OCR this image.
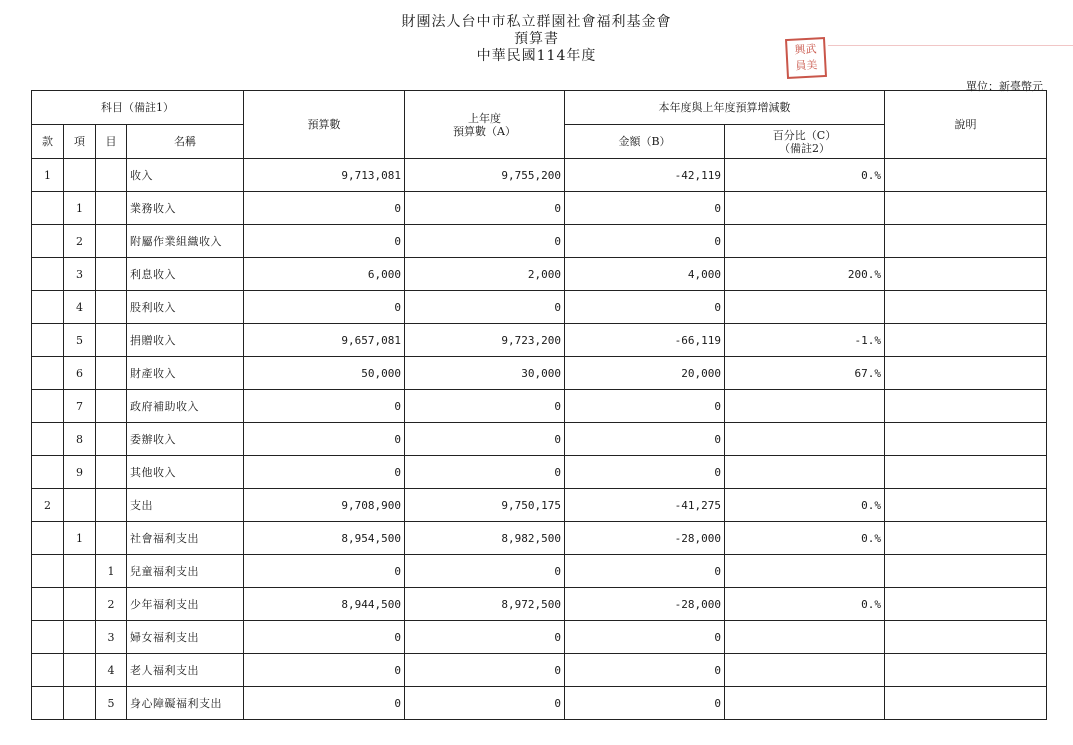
財團法人台中市私立群園社會福利基金會
預算書
中華民國114年度	興 武
員 美
單位：新臺幣元
科目（備註1）				預算數	上年度
預算數（A）	本年度與上年度預算增減數		說明
款	項	目	名稱			金額（B）	百分比（C）
（備註2）	

1			收入	9,713,081	9,755,200	-42,119	0.%	
	1		業務收入	0	0	0		
	2		附屬作業組織收入	0	0	0		
	3		利息收入	6,000	2,000	4,000	200.%	
	4		股利收入	0	0	0		
	5		捐贈收入	9,657,081	9,723,200	-66,119	-1.%	
	6		財產收入	50,000	30,000	20,000	67.%	
	7		政府補助收入	0	0	0		
	8		委辦收入	0	0	0		
	9		其他收入	0	0	0		
2			支出	9,708,900	9,750,175	-41,275	0.%	
	1		社會福利支出	8,954,500	8,982,500	-28,000	0.%	
		1	兒童福利支出	0	0	0		
		2	少年福利支出	8,944,500	8,972,500	-28,000	0.%	
		3	婦女福利支出	0	0	0		
		4	老人福利支出	0	0	0		
		5	身心障礙福利支出	0	0	0		
